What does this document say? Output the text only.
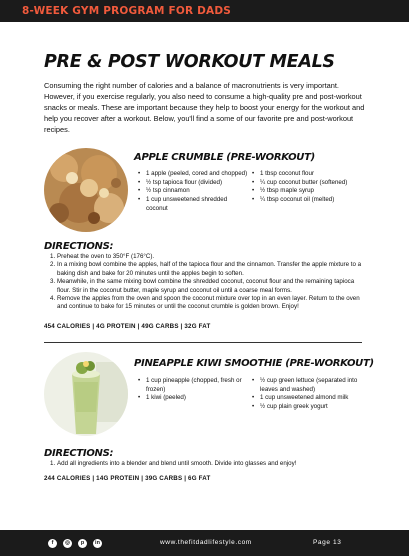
8-WEEK GYM PROGRAM FOR DADS
PRE & POST WORKOUT MEALS

Consuming the right number of calories and a balance of macronutrients is very important. However, if you exercise regularly, you also need to consume a high-quality pre and post-workout snacks or meals. These are important because they help to boost your energy for the workout and help you recover after a workout. Below, you'll find a some of our favorite pre and post-workout recipes.

APPLE CRUMBLE (PRE-WORKOUT)
• 1 apple (peeled, cored and chopped)
• ½ tsp tapioca flour (divided)
• ½ tsp cinnamon
• 1 cup unsweetened shredded coconut
• 1 tbsp coconut flour
• ¼ cup coconut butter (softened)
• ½ tbsp maple syrup
• ¼ tbsp coconut oil (melted)
DIRECTIONS:
1. Preheat the oven to 350°F (176°C).
2. In a mixing bowl combine the apples, half of the tapioca flour and the cinnamon. Transfer the apple mixture to a baking dish and bake for 20 minutes until the apples begin to soften.
3. Meanwhile, in the same mixing bowl combine the shredded coconut, coconut flour and the remaining tapioca flour. Stir in the coconut butter, maple syrup and coconut oil until a coarse meal forms.
4. Remove the apples from the oven and spoon the coconut mixture over top in an even layer. Return to the oven and continue to bake for 15 minutes or until the coconut crumble is golden brown. Enjoy!
454 CALORIES | 4G PROTEIN | 49G CARBS | 32G FAT
PINEAPPLE KIWI SMOOTHIE (PRE-WORKOUT)
• 1 cup pineapple (chopped, fresh or frozen)
• 1 kiwi (peeled)
• ½ cup green lettuce (separated into leaves and washed)
• 1 cup unsweetened almond milk
• ½ cup plain greek yogurt
DIRECTIONS:
1. Add all ingredients into a blender and blend until smooth. Divide into glasses and enjoy!
244 CALORIES | 14G PROTEIN | 39G CARBS | 6G FAT
f	◎	p	in	www.thefitdadlifestyle.com	Page 13
